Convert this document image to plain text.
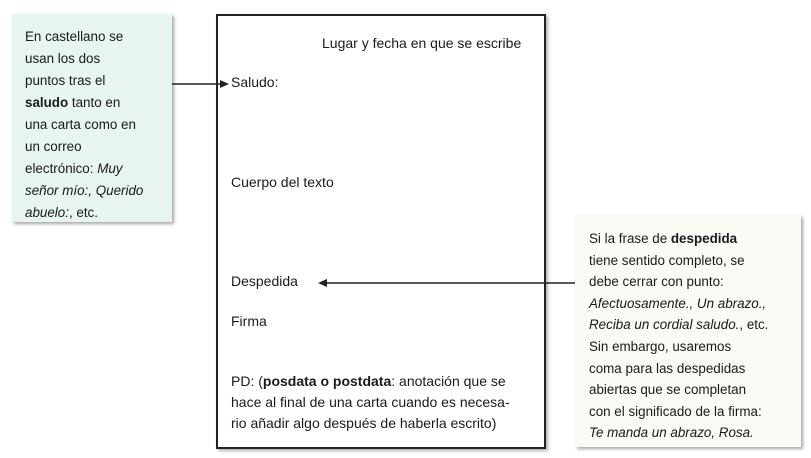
En castellano se
usan los dos
puntos tras el
saludo tanto en
una carta como en
un correo
electrónico: Muy
señor mío:, Querido
abuelo:, etc.
Si la frase de despedida
tiene sentido completo, se
debe cerrar con punto:
Afectuosamente., Un abrazo.,
Reciba un cordial saludo., etc.
Sin embargo, usaremos
coma para las despedidas
abiertas que se completan
con el significado de la firma:
Te manda un abrazo, Rosa.
Lugar y fecha en que se escribe
Saludo:
Cuerpo del texto
Despedida
Firma
PD: (posdata o postdata: anotación que se
hace al final de una carta cuando es necesa-
rio añadir algo después de haberla escrito)
